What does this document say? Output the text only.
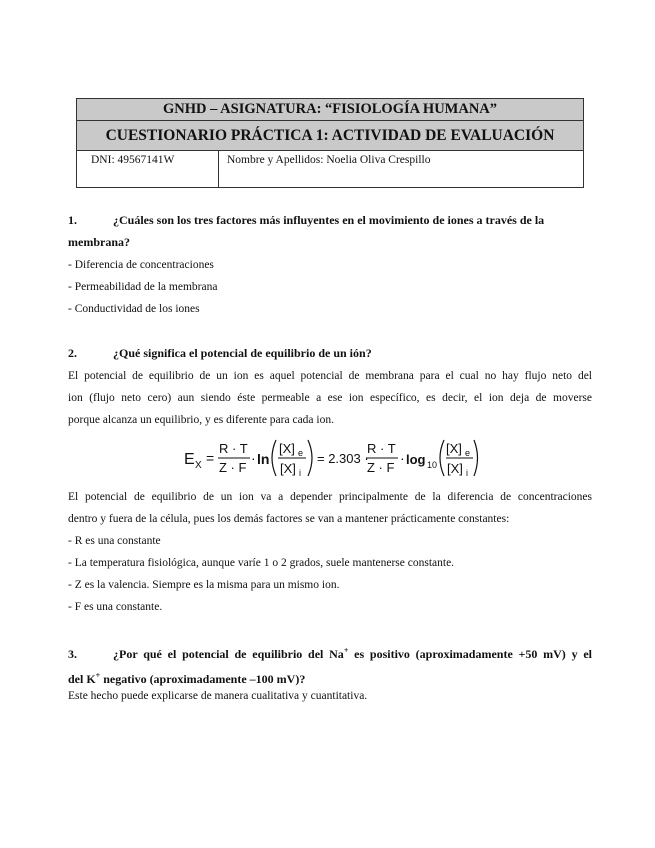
GNHD – ASIGNATURA: “FISIOLOGÍA HUMANA”
CUESTIONARIO PRÁCTICA 1: ACTIVIDAD DE EVALUACIÓN
DNI: 49567141W	Nombre y Apellidos: Noelia Oliva Crespillo
1.	¿Cuáles son los tres factores más influyentes en el movimiento de iones a través de la
membrana?
- Diferencia de concentraciones
- Permeabilidad de la membrana
- Conductividad de los iones
2.	¿Qué significa el potencial de equilibrio de un ión?
El potencial de equilibrio de un ion es aquel potencial de membrana para el cual no hay flujo neto del
ion (flujo neto cero) aun siendo éste permeable a ese ion específico, es decir, el ion deja de moverse
porque alcanza un equilibrio, y es diferente para cada ion.
E X =
R · T
Z · F
· ln
[X] e
[X] i
= 2.303 ·
R · T
Z · F
· log 10
[X] e
[X] i
El potencial de equilibrio de un ion va a depender principalmente de la diferencia de concentraciones
dentro y fuera de la célula, pues los demás factores se van a mantener prácticamente constantes:
- R es una constante
- La temperatura fisiológica, aunque varíe 1 o 2 grados, suele mantenerse constante.
- Z es la valencia. Siempre es la misma para un mismo ion.
- F es una constante.
3.	¿Por qué el potencial de equilibrio del Na+ es positivo (aproximadamente +50 mV) y el
del K+ negativo (aproximadamente –100 mV)?
Este hecho puede explicarse de manera cualitativa y cuantitativa.
